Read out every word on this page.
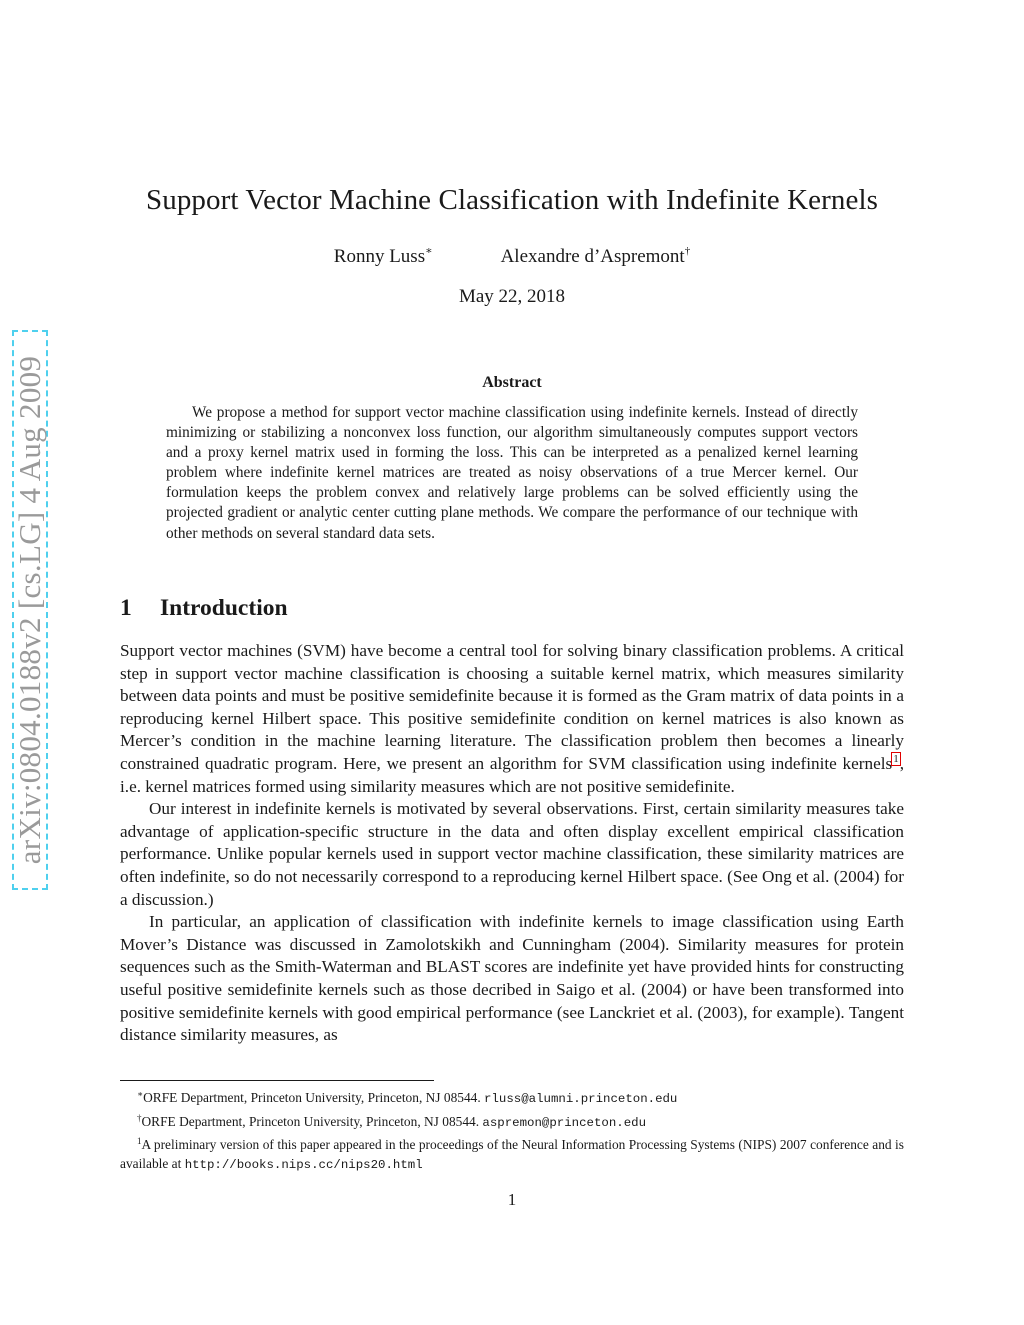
arXiv:0804.0188v2 [cs.LG] 4 Aug 2009
Support Vector Machine Classification with Indefinite Kernels
Ronny Luss∗	Alexandre d’Aspremont†
May 22, 2018
Abstract

We propose a method for support vector machine classification using indefinite kernels. Instead of directly minimizing or stabilizing a nonconvex loss function, our algorithm simultaneously computes support vectors and a proxy kernel matrix used in forming the loss. This can be interpreted as a penalized kernel learning problem where indefinite kernel matrices are treated as noisy observations of a true Mercer kernel. Our formulation keeps the problem convex and relatively large problems can be solved efficiently using the projected gradient or analytic center cutting plane methods. We compare the performance of our technique with other methods on several standard data sets.

1 Introduction

Support vector machines (SVM) have become a central tool for solving binary classification problems. A critical step in support vector machine classification is choosing a suitable kernel matrix, which measures similarity between data points and must be positive semidefinite because it is formed as the Gram matrix of data points in a reproducing kernel Hilbert space. This positive semidefinite condition on kernel matrices is also known as Mercer’s condition in the machine learning literature. The classification problem then becomes a linearly constrained quadratic program. Here, we present an algorithm for SVM classification using indefinite kernels1, i.e. kernel matrices formed using similarity measures which are not positive semidefinite.

Our interest in indefinite kernels is motivated by several observations. First, certain similarity measures take advantage of application-specific structure in the data and often display excellent empirical classification performance. Unlike popular kernels used in support vector machine classification, these similarity matrices are often indefinite, so do not necessarily correspond to a reproducing kernel Hilbert space. (See Ong et al. (2004) for a discussion.)

In particular, an application of classification with indefinite kernels to image classification using Earth Mover’s Distance was discussed in Zamolotskikh and Cunningham (2004). Similarity measures for protein sequences such as the Smith-Waterman and BLAST scores are indefinite yet have provided hints for constructing useful positive semidefinite kernels such as those decribed in Saigo et al. (2004) or have been transformed into positive semidefinite kernels with good empirical performance (see Lanckriet et al. (2003), for example). Tangent distance similarity measures, as

∗ORFE Department, Princeton University, Princeton, NJ 08544. rluss@alumni.princeton.edu

†ORFE Department, Princeton University, Princeton, NJ 08544. aspremon@princeton.edu

$^1$A preliminary version of this paper appeared in the proceedings of the Neural Information Processing Systems (NIPS) 2007 conference and is available at http://books.nips.cc/nips20.html

1
